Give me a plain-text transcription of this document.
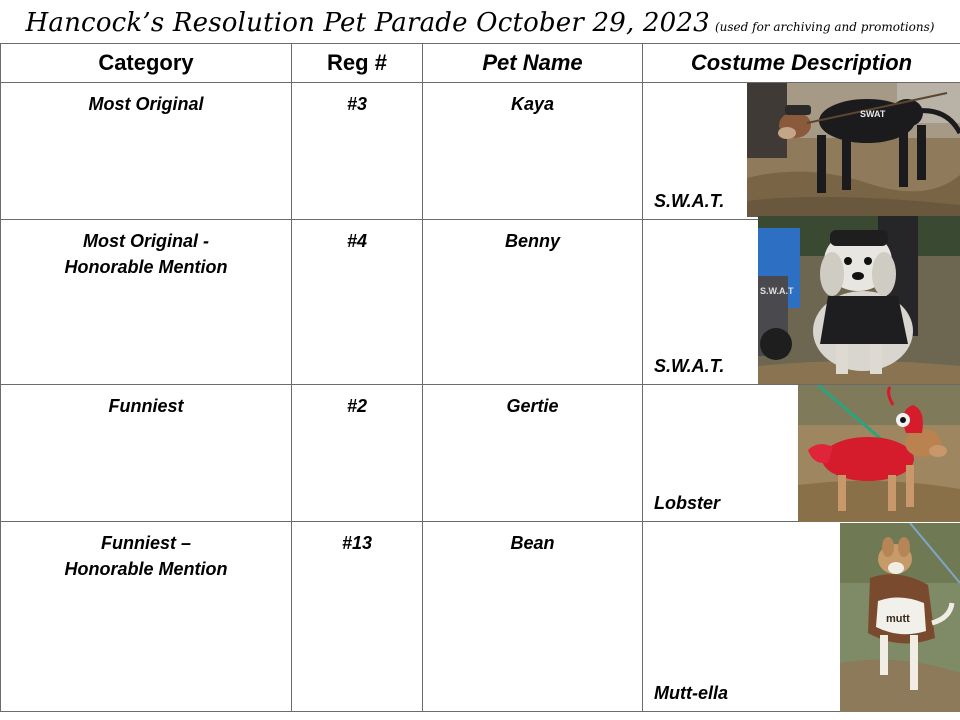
Hancock’s Resolution Pet Parade October 29, 2023 (used for archiving and promotions)
Category	Reg #	Pet Name	Costume Description

Most Original	#3	Kaya	S.W.A.T.

Most Original -
Honorable Mention	#4	Benny	S.W.A.T.

Funniest	#2	Gertie	Lobster

Funniest –
Honorable Mention	#13	Bean	Mutt-ella
SWAT
S.W.A.T
mutt
